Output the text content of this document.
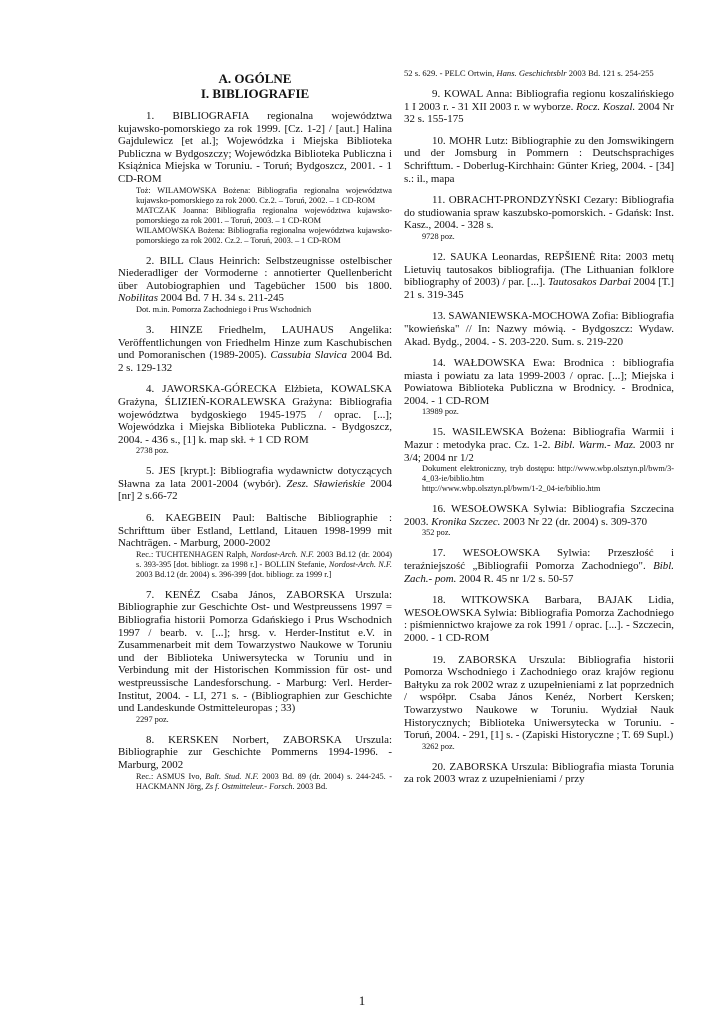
A. OGÓLNE
I. BIBLIOGRAFIE

1. BIBLIOGRAFIA regionalna województwa kujawsko-pomorskiego za rok 1999. [Cz. 1-2] / [aut.] Halina Gajdulewicz [et al.]; Wojewódzka i Miejska Biblioteka Publiczna w Bydgoszczy; Wojewódzka Biblioteka Publiczna i Książnica Miejska w Toruniu. - Toruń; Bydgoszcz, 2001. - 1 CD-ROM

Toż: WILAMOWSKA Bożena: Bibliografia regionalna województwa kujawsko-pomorskiego za rok 2000. Cz.2. – Toruń, 2002. – 1 CD-ROM

MATCZAK Joanna: Bibliografia regionalna województwa kujawsko-pomorskiego za rok 2001. – Toruń, 2003. – 1 CD-ROM

WILAMOWSKA Bożena: Bibliografia regionalna województwa kujawsko-pomorskiego za rok 2002. Cz.2. – Toruń, 2003. – 1 CD-ROM

2. BILL Claus Heinrich: Selbstzeugnisse ostelbischer Niederadliger der Vormoderne : annotierter Quellenbericht über Autobiographien und Tagebücher 1500 bis 1800. Nobilitas 2004 Bd. 7 H. 34 s. 211-245

Dot. m.in. Pomorza Zachodniego i Prus Wschodnich

3. HINZE Friedhelm, LAUHAUS Angelika: Veröffentlichungen von Friedhelm Hinze zum Kaschubischen und Pomoranischen (1989-2005). Cassubia Slavica 2004 Bd. 2 s. 129-132

4. JAWORSKA-GÓRECKA Elżbieta, KOWALSKA Grażyna, ŚLIZIEŃ-KORALEWSKA Grażyna: Bibliografia województwa bydgoskiego 1945-1975 / oprac. [...]; Wojewódzka i Miejska Biblioteka Publiczna. - Bydgoszcz, 2004. - 436 s., [1] k. map skł. + 1 CD ROM

2738 poz.

5. JES [krypt.]: Bibliografia wydawnictw dotyczących Sławna za lata 2001-2004 (wybór). Zesz. Sławieńskie 2004 [nr] 2 s.66-72

6. KAEGBEIN Paul: Baltische Bibliographie : Schrifttum über Estland, Lettland, Litauen 1998-1999 mit Nachträgen. - Marburg, 2000-2002

Rec.: TUCHTENHAGEN Ralph, Nordost-Arch. N.F. 2003 Bd.12 (dr. 2004) s. 393-395 [dot. bibliogr. za 1998 r.] - BOLLIN Stefanie, Nordost-Arch. N.F. 2003 Bd.12 (dr. 2004) s. 396-399 [dot. bibliogr. za 1999 r.]

7. KENÉZ Csaba János, ZABORSKA Urszula: Bibliographie zur Geschichte Ost- und Westpreussens 1997 = Bibliografia historii Pomorza Gdańskiego i Prus Wschodnich 1997 / bearb. v. [...]; hrsg. v. Herder-Institut e.V. in Zusammenarbeit mit dem Towarzystwo Naukowe w Toruniu und der Biblioteka Uniwersytecka w Toruniu und in Verbindung mit der Historischen Kommission für ost- und westpreussische Landesforschung. - Marburg: Verl. Herder-Institut, 2004. - LI, 271 s. - (Bibliographien zur Geschichte und Landeskunde Ostmitteleuropas ; 33)

2297 poz.

8. KERSKEN Norbert, ZABORSKA Urszula: Bibliographie zur Geschichte Pommerns 1994-1996. - Marburg, 2002

Rec.: ASMUS Ivo, Balt. Stud. N.F. 2003 Bd. 89 (dr. 2004) s. 244-245. - HACKMANN Jörg, Zs f. Ostmitteleur.- Forsch. 2003 Bd.

52 s. 629. - PELC Ortwin, Hans. Geschichtsblr 2003 Bd. 121 s. 254-255

9. KOWAL Anna: Bibliografia regionu koszalińskiego 1 I 2003 r. - 31 XII 2003 r. w wyborze. Rocz. Koszal. 2004 Nr 32 s. 155-175

10. MOHR Lutz: Bibliographie zu den Jomswikingern und der Jomsburg in Pommern : Deutschsprachiges Schrifttum. - Doberlug-Kirchhain: Günter Krieg, 2004. - [34] s.: il., mapa

11. OBRACHT-PRONDZYŃSKI Cezary: Bibliografia do studiowania spraw kaszubsko-pomorskich. - Gdańsk: Inst. Kasz., 2004. - 328 s.

9728 poz.

12. SAUKA Leonardas, REPŠIENĖ Rita: 2003 metų Lietuvių tautosakos bibliografija. (The Lithuanian folklore bibliography of 2003) / par. [...]. Tautosakos Darbai 2004 [T.] 21 s. 319-345

13. SAWANIEWSKA-MOCHOWA Zofia: Bibliografia "kowieńska" // In: Nazwy mówią. - Bydgoszcz: Wydaw. Akad. Bydg., 2004. - S. 203-220. Sum. s. 219-220

14. WAŁDOWSKA Ewa: Brodnica : bibliografia miasta i powiatu za lata 1999-2003 / oprac. [...]; Miejska i Powiatowa Biblioteka Publiczna w Brodnicy. - Brodnica, 2004. - 1 CD-ROM

13989 poz.

15. WASILEWSKA Bożena: Bibliografia Warmii i Mazur : metodyka prac. Cz. 1-2. Bibl. Warm.- Maz. 2003 nr 3/4; 2004 nr 1/2

Dokument elektroniczny, tryb dostępu: http://www.wbp.olsztyn.pl/bwm/3-4_03-ie/biblio.htm

http://www.wbp.olsztyn.pl/bwm/1-2_04-ie/biblio.htm

16. WESOŁOWSKA Sylwia: Bibliografia Szczecina 2003. Kronika Szczec. 2003 Nr 22 (dr. 2004) s. 309-370

352 poz.

17. WESOŁOWSKA Sylwia: Przeszłość i teraźniejszość „Bibliografii Pomorza Zachodniego". Bibl. Zach.- pom. 2004 R. 45 nr 1/2 s. 50-57

18. WITKOWSKA Barbara, BAJAK Lidia, WESOŁOWSKA Sylwia: Bibliografia Pomorza Zachodniego : piśmiennictwo krajowe za rok 1991 / oprac. [...]. - Szczecin, 2000. - 1 CD-ROM

19. ZABORSKA Urszula: Bibliografia historii Pomorza Wschodniego i Zachodniego oraz krajów regionu Bałtyku za rok 2002 wraz z uzupełnieniami z lat poprzednich / współpr. Csaba János Kenéz, Norbert Kersken; Towarzystwo Naukowe w Toruniu. Wydział Nauk Historycznych; Biblioteka Uniwersytecka w Toruniu. - Toruń, 2004. - 291, [1] s. - (Zapiski Historyczne ; T. 69 Supl.)

3262 poz.

20. ZABORSKA Urszula: Bibliografia miasta Torunia za rok 2003 wraz z uzupełnieniami / przy

1
